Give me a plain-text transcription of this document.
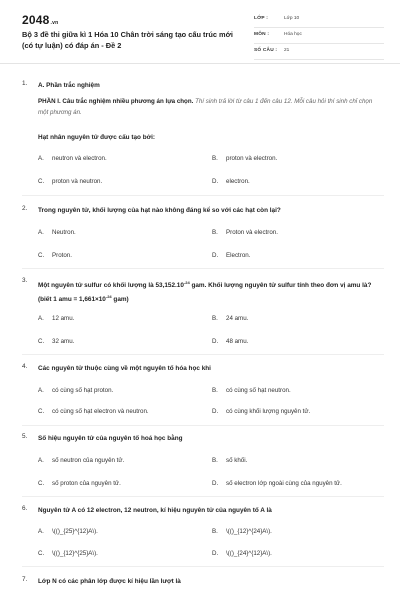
2048.vn
Bộ 3 đề thi giữa kì 1 Hóa 10 Chân trời sáng tạo cấu trúc mới (có tự luận) có đáp án - Đề 2
LỚP :	Lớp 10
MÔN :	Hóa học
SỐ CÂU : 21
1. A. Phần trắc nghiệm
PHẦN I. Câu trắc nghiệm nhiều phương án lựa chọn. Thí sinh trả lời từ câu 1 đến câu 12. Mỗi câu hỏi thí sinh chỉ chọn một phương án.
Hạt nhân nguyên tử được cấu tạo bởi:
A. neutron và electron.	B. proton và electron.
C. proton và neutron.	D. electron.
2. Trong nguyên tử, khối lượng của hạt nào không đáng kể so với các hạt còn lại?
A. Neutron.	B. Proton và electron.
C. Proton.	D. Electron.
3.
Một nguyên tử sulfur có khối lượng là $53,152.10^{-24}$ gam. Khối lượng nguyên tử sulfur tính theo đơn vị amu là? (biết 1 amu = $1,661\times 10^{-24}$ gam)
A. 12 amu.	B. 24 amu.
C. 32 amu.	D. 48 amu.
4. Các nguyên tử thuộc cùng về một nguyên tố hóa học khi
A. có cùng số hạt proton.	B. có cùng số hạt neutron.
C. có cùng số hạt electron và neutron.	D. có cùng khối lượng nguyên tử.
5. Số hiệu nguyên tử của nguyên tố hoá học bằng
A. số neutron của nguyên tử.	B. số khối.
C. số proton của nguyên tử.	D. số electron lớp ngoài cùng của nguyên tử.
6. Nguyên tử A có 12 electron, 12 neutron, kí hiệu nguyên tử của nguyên tố A là
A. \(()_{25}^{12}A\).	B. \(()_{12}^{24}A\).
C. \(()_{12}^{25}A\).	D. \(()_{24}^{12}A\).
7. Lớp N có các phân lớp được kí hiệu lần lượt là
